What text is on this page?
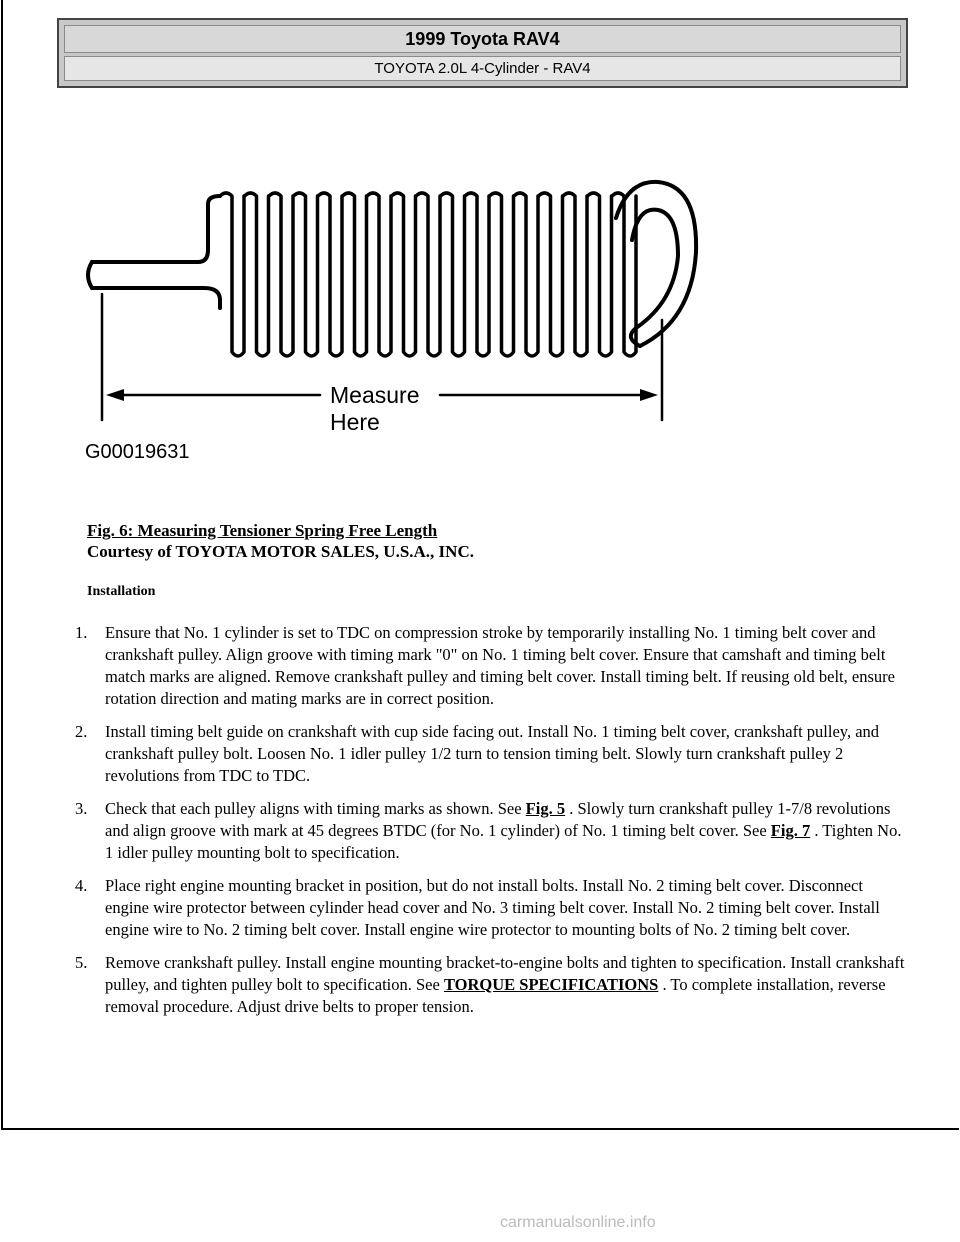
1999 Toyota RAV4
TOYOTA 2.0L 4-Cylinder - RAV4
Measure
Here
G00019631
Fig. 6: Measuring Tensioner Spring Free Length
Courtesy of TOYOTA MOTOR SALES, U.S.A., INC.
Installation
1.	Ensure that No. 1 cylinder is set to TDC on compression stroke by temporarily installing No. 1 timing belt cover and crankshaft pulley. Align groove with timing mark "0" on No. 1 timing belt cover. Ensure that camshaft and timing belt match marks are aligned. Remove crankshaft pulley and timing belt cover. Install timing belt. If reusing old belt, ensure rotation direction and mating marks are in correct position.
2.	Install timing belt guide on crankshaft with cup side facing out. Install No. 1 timing belt cover, crankshaft pulley, and crankshaft pulley bolt. Loosen No. 1 idler pulley 1/2 turn to tension timing belt. Slowly turn crankshaft pulley 2 revolutions from TDC to TDC.
3.	Check that each pulley aligns with timing marks as shown. See Fig. 5 . Slowly turn crankshaft pulley 1-7/8 revolutions and align groove with mark at 45 degrees BTDC (for No. 1 cylinder) of No. 1 timing belt cover. See Fig. 7 . Tighten No. 1 idler pulley mounting bolt to specification.
4.	Place right engine mounting bracket in position, but do not install bolts. Install No. 2 timing belt cover. Disconnect engine wire protector between cylinder head cover and No. 3 timing belt cover. Install No. 2 timing belt cover. Install engine wire to No. 2 timing belt cover. Install engine wire protector to mounting bolts of No. 2 timing belt cover.
5.	Remove crankshaft pulley. Install engine mounting bracket-to-engine bolts and tighten to specification. Install crankshaft pulley, and tighten pulley bolt to specification. See TORQUE SPECIFICATIONS . To complete installation, reverse removal procedure. Adjust drive belts to proper tension.
carmanualsonline.info
